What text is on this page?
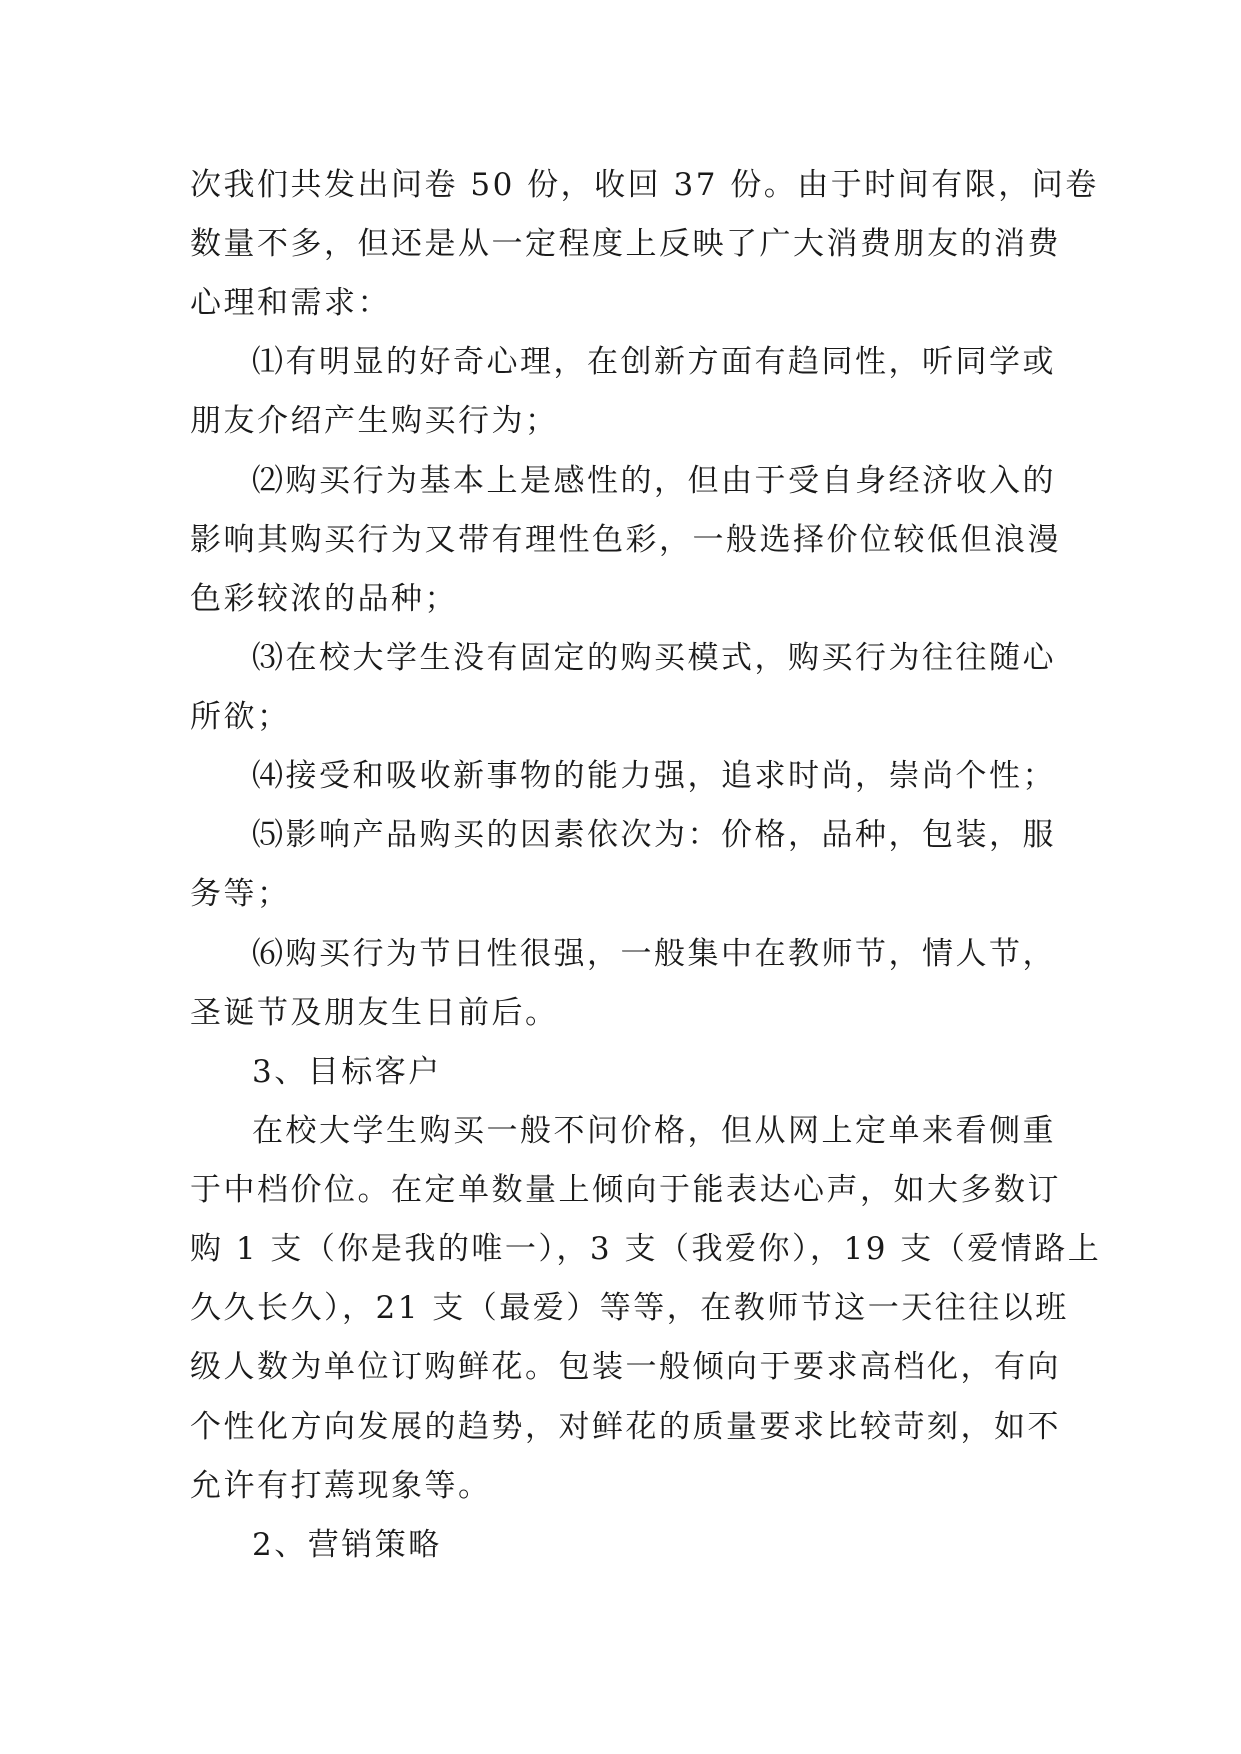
次我们共发出问卷 50 份，收回 37 份。由于时间有限，问卷
数量不多，但还是从一定程度上反映了广大消费朋友的消费
心理和需求：
⑴有明显的好奇心理，在创新方面有趋同性，听同学或
朋友介绍产生购买行为；
⑵购买行为基本上是感性的，但由于受自身经济收入的
影响其购买行为又带有理性色彩，一般选择价位较低但浪漫
色彩较浓的品种；
⑶在校大学生没有固定的购买模式，购买行为往往随心
所欲；
⑷接受和吸收新事物的能力强，追求时尚，崇尚个性；
⑸影响产品购买的因素依次为：价格，品种，包装，服
务等；
⑹购买行为节日性很强，一般集中在教师节，情人节，
圣诞节及朋友生日前后。
3、目标客户
在校大学生购买一般不问价格，但从网上定单来看侧重
于中档价位。在定单数量上倾向于能表达心声，如大多数订
购 1 支（你是我的唯一），3 支（我爱你），19 支（爱情路上
久久长久），21 支（最爱）等等，在教师节这一天往往以班
级人数为单位订购鲜花。包装一般倾向于要求高档化，有向
个性化方向发展的趋势，对鲜花的质量要求比较苛刻，如不
允许有打蔫现象等。
2、营销策略
